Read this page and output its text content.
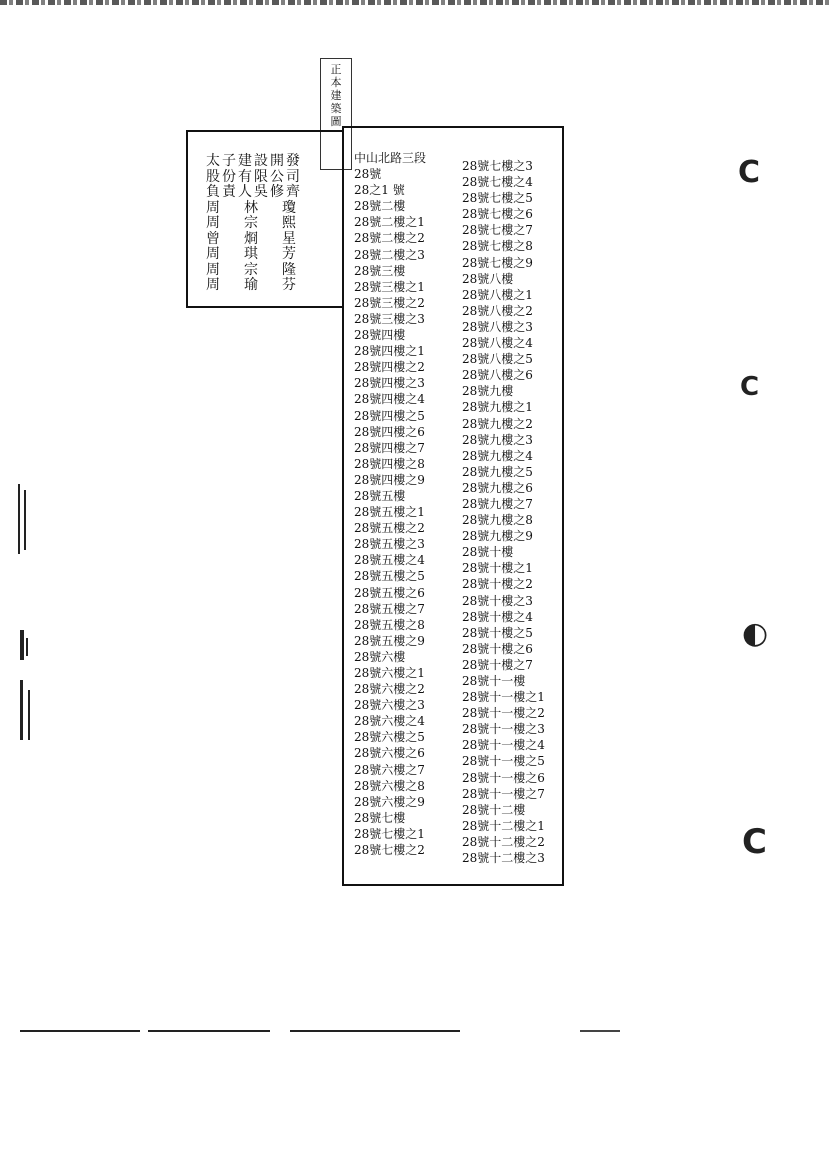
正
本
建
築
圖
太子建設開發
股份有限公司
負責人吳修齊
周 林 瓊
周 宗 熙
曾 烱 星
周 琪 芳
周 宗 隆
周 瑜 芬
中山北路三段
28號
28之1 號
28號二樓
28號二樓之1
28號二樓之2
28號二樓之3
28號三樓
28號三樓之1
28號三樓之2
28號三樓之3
28號四樓
28號四樓之1
28號四樓之2
28號四樓之3
28號四樓之4
28號四樓之5
28號四樓之6
28號四樓之7
28號四樓之8
28號四樓之9
28號五樓
28號五樓之1
28號五樓之2
28號五樓之3
28號五樓之4
28號五樓之5
28號五樓之6
28號五樓之7
28號五樓之8
28號五樓之9
28號六樓
28號六樓之1
28號六樓之2
28號六樓之3
28號六樓之4
28號六樓之5
28號六樓之6
28號六樓之7
28號六樓之8
28號六樓之9
28號七樓
28號七樓之1
28號七樓之2
28號七樓之3
28號七樓之4
28號七樓之5
28號七樓之6
28號七樓之7
28號七樓之8
28號七樓之9
28號八樓
28號八樓之1
28號八樓之2
28號八樓之3
28號八樓之4
28號八樓之5
28號八樓之6
28號九樓
28號九樓之1
28號九樓之2
28號九樓之3
28號九樓之4
28號九樓之5
28號九樓之6
28號九樓之7
28號九樓之8
28號九樓之9
28號十樓
28號十樓之1
28號十樓之2
28號十樓之3
28號十樓之4
28號十樓之5
28號十樓之6
28號十樓之7
28號十一樓
28號十一樓之1
28號十一樓之2
28號十一樓之3
28號十一樓之4
28號十一樓之5
28號十一樓之6
28號十一樓之7
28號十二樓
28號十二樓之1
28號十二樓之2
28號十二樓之3
C
C
◐
C
